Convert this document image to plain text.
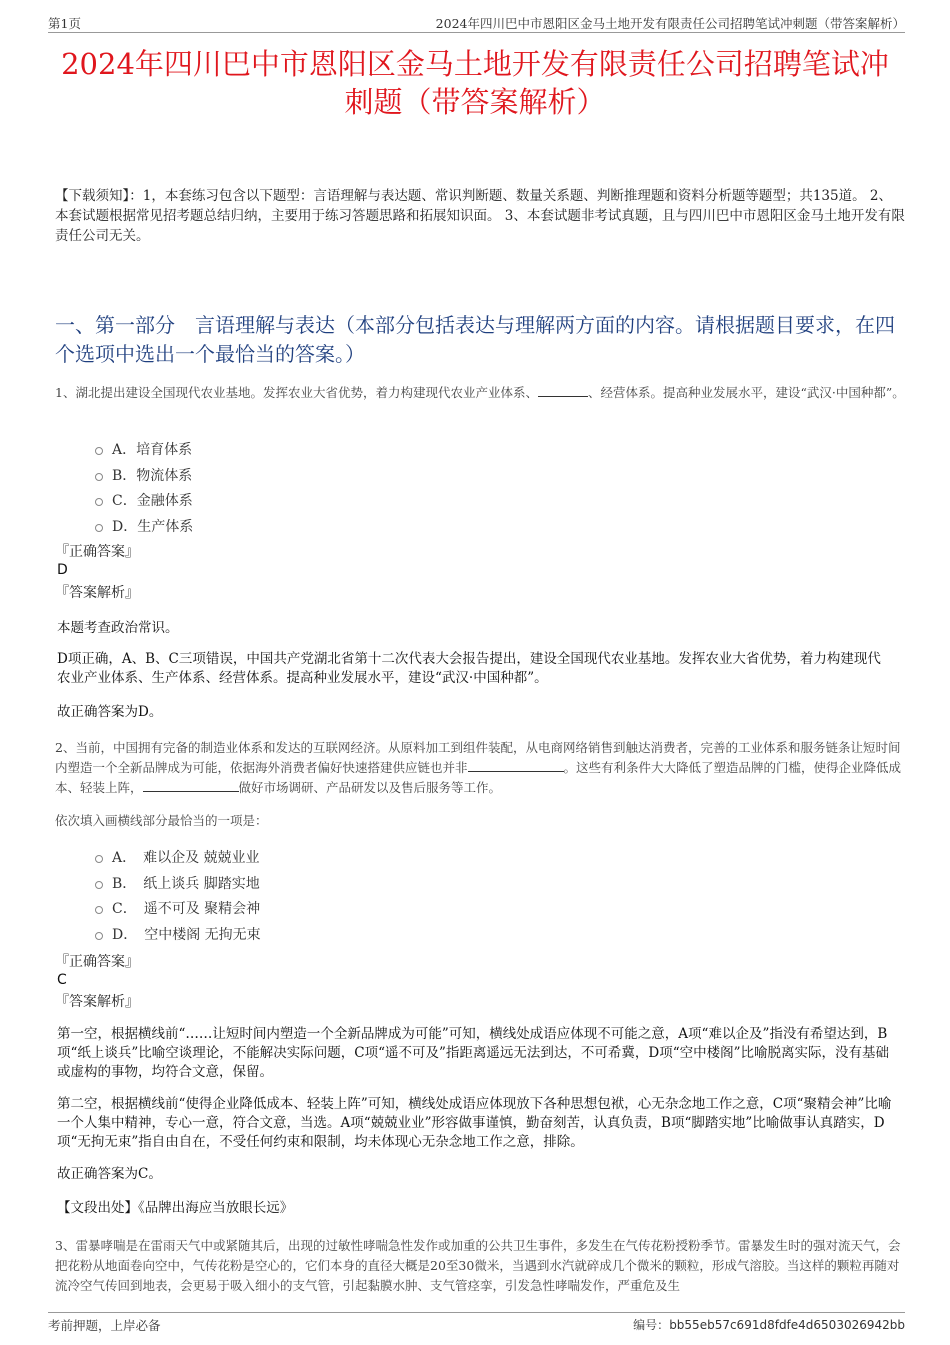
第1页	2024年四川巴中市恩阳区金马土地开发有限责任公司招聘笔试冲刺题（带答案解析）
2024年四川巴中市恩阳区金马土地开发有限责任公司招聘笔试冲刺题（带答案解析）
【下载须知】：1，本套练习包含以下题型：言语理解与表达题、常识判断题、数量关系题、判断推理题和资料分析题等题型；共135道。 2、本套试题根据常见招考题总结归纳，主要用于练习答题思路和拓展知识面。 3、本套试题非考试真题，且与四川巴中市恩阳区金马土地开发有限责任公司无关。
一、第一部分　言语理解与表达（本部分包括表达与理解两方面的内容。请根据题目要求，在四个选项中选出一个最恰当的答案。）
1、湖北提出建设全国现代农业基地。发挥农业大省优势，着力构建现代农业产业体系、	、经营体系。提高种业发展水平，建设“武汉·中国种都”。
A．培育体系
B．物流体系
C．金融体系
D．生产体系
『正确答案』
D
『答案解析』
本题考查政治常识。
D项正确，A、B、C三项错误，中国共产党湖北省第十二次代表大会报告提出，建设全国现代农业基地。发挥农业大省优势，着力构建现代农业产业体系、生产体系、经营体系。提高种业发展水平，建设“武汉·中国种都”。
故正确答案为D。
2、当前，中国拥有完备的制造业体系和发达的互联网经济。从原料加工到组件装配，从电商网络销售到触达消费者，完善的工业体系和服务链条让短时间内塑造一个全新品牌成为可能，依据海外消费者偏好快速搭建供应链也并非	。这些有利条件大大降低了塑造品牌的门槛，使得企业降低成本、轻装上阵，	做好市场调研、产品研发以及售后服务等工作。
依次填入画横线部分最恰当的一项是：
A．　难以企及 兢兢业业
B．　纸上谈兵 脚踏实地
C．　遥不可及 聚精会神
D．　空中楼阁 无拘无束
『正确答案』
C
『答案解析』
第一空，根据横线前“……让短时间内塑造一个全新品牌成为可能”可知，横线处成语应体现不可能之意，A项“难以企及”指没有希望达到，B项“纸上谈兵”比喻空谈理论，不能解决实际问题，C项“遥不可及”指距离遥远无法到达，不可希冀，D项“空中楼阁”比喻脱离实际，没有基础或虚构的事物，均符合文意，保留。
第二空，根据横线前“使得企业降低成本、轻装上阵”可知，横线处成语应体现放下各种思想包袱，心无杂念地工作之意，C项“聚精会神”比喻一个人集中精神，专心一意，符合文意，当选。A项“兢兢业业”形容做事谨慎，勤奋刻苦，认真负责，B项“脚踏实地”比喻做事认真踏实，D项“无拘无束”指自由自在，不受任何约束和限制，均未体现心无杂念地工作之意，排除。
故正确答案为C。
【文段出处】《品牌出海应当放眼长远》
3、雷暴哮喘是在雷雨天气中或紧随其后，出现的过敏性哮喘急性发作或加重的公共卫生事件，多发生在气传花粉授粉季节。雷暴发生时的强对流天气，会把花粉从地面卷向空中，气传花粉是空心的，它们本身的直径大概是20至30微米，当遇到水汽就碎成几个微米的颗粒，形成气溶胶。当这样的颗粒再随对流冷空气传回到地表，会更易于吸入细小的支气管，引起黏膜水肿、支气管痉挛，引发急性哮喘发作，严重危及生
考前押题，上岸必备	编号：bb55eb57c691d8fdfe4d6503026942bb
